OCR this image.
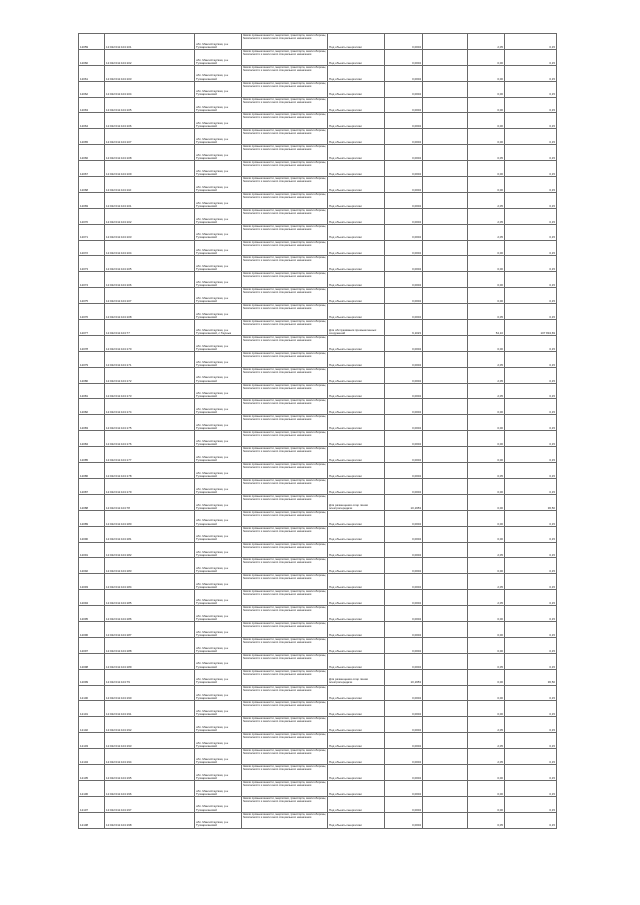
12059	12:022:011:104:101	обл. Мангистауская, р-н Тупкараганский	Земли промышленности, энергетики, транспорта, земли обороны, безопасности и земли иного специального назначения	Под объекты энергетики	0,0004		2,05	0,15
12060	12:022:011:104:102	обл. Мангистауская, р-н Тупкараганский	Земли промышленности, энергетики, транспорта, земли обороны, безопасности и земли иного специального назначения	Под объекты энергетики	0,0004		0,00	0,15
12061	12:022:011:104:103	обл. Мангистауская, р-н Тупкараганский	Земли промышленности, энергетики, транспорта, земли обороны, безопасности и земли иного специального назначения	Под объекты энергетики	0,0004		0,00	0,15
12062	12:022:011:104:104	обл. Мангистауская, р-н Тупкараганский	Земли промышленности, энергетики, транспорта, земли обороны, безопасности и земли иного специального назначения	Под объекты энергетики	0,0004		0,00	0,15
12063	12:022:011:104:105	обл. Мангистауская, р-н Тупкараганский	Земли промышленности, энергетики, транспорта, земли обороны, безопасности и земли иного специального назначения	Под объекты энергетики	0,0004		0,00	0,15
12064	12:022:011:104:106	обл. Мангистауская, р-н Тупкараганский	Земли промышленности, энергетики, транспорта, земли обороны, безопасности и земли иного специального назначения	Под объекты энергетики	0,0004		0,00	0,15
12065	12:022:011:104:107	обл. Мангистауская, р-н Тупкараганский	Земли промышленности, энергетики, транспорта, земли обороны, безопасности и земли иного специального назначения	Под объекты энергетики	0,0004		0,00	0,15
12066	12:022:011:104:108	обл. Мангистауская, р-н Тупкараганский	Земли промышленности, энергетики, транспорта, земли обороны, безопасности и земли иного специального назначения	Под объекты энергетики	0,0004		0,05	0,15
12067	12:022:011:104:109	обл. Мангистауская, р-н Тупкараганский	Земли промышленности, энергетики, транспорта, земли обороны, безопасности и земли иного специального назначения	Под объекты энергетики	0,0004		0,00	0,15
12068	12:022:011:104:110	обл. Мангистауская, р-н Тупкараганский	Земли промышленности, энергетики, транспорта, земли обороны, безопасности и земли иного специального назначения	Под объекты энергетики	0,0004		0,00	0,15
12069	12:022:011:104:101	обл. Мангистауская, р-н Тупкараганский	Земли промышленности, энергетики, транспорта, земли обороны, безопасности и земли иного специального назначения	Под объекты энергетики	0,0004		2,05	0,15
12070	12:022:011:104:102	обл. Мангистауская, р-н Тупкараганский	Земли промышленности, энергетики, транспорта, земли обороны, безопасности и земли иного специального назначения	Под объекты энергетики	0,0004		2,05	0,15
12071	12:022:011:104:103	обл. Мангистауская, р-н Тупкараганский	Земли промышленности, энергетики, транспорта, земли обороны, безопасности и земли иного специального назначения	Под объекты энергетики	0,0004		2,05	0,15
12072	12:022:011:104:104	обл. Мангистауская, р-н Тупкараганский	Земли промышленности, энергетики, транспорта, земли обороны, безопасности и земли иного специального назначения	Под объекты энергетики	0,0004		0,00	0,15
12073	12:022:011:104:105	обл. Мангистауская, р-н Тупкараганский	Земли промышленности, энергетики, транспорта, земли обороны, безопасности и земли иного специального назначения	Под объекты энергетики	0,0004		0,00	0,15
12074	12:022:011:104:106	обл. Мангистауская, р-н Тупкараганский	Земли промышленности, энергетики, транспорта, земли обороны, безопасности и земли иного специального назначения	Под объекты энергетики	0,0004		0,00	0,15
12075	12:022:011:104:107	обл. Мангистауская, р-н Тупкараганский	Земли промышленности, энергетики, транспорта, земли обороны, безопасности и земли иного специального назначения	Под объекты энергетики	0,0004		0,00	0,15
12076	12:022:011:104:108	обл. Мангистауская, р-н Тупкараганский	Земли промышленности, энергетики, транспорта, земли обороны, безопасности и земли иного специального назначения	Под объекты энергетики	0,0004		0,05	0,15
12077	12:022:011:104:77	обл. Мангистауская, р-н Тупкараганский, с.Таушык	Земли промышленности, энергетики, транспорта, земли обороны, безопасности и земли иного специального назначения	Для обслуживания промышленных сооружений	9,1023		54,10	107 834,69
12078	12:022:011:104:170	обл. Мангистауская, р-н Тупкараганский	Земли промышленности, энергетики, транспорта, земли обороны, безопасности и земли иного специального назначения	Под объекты энергетики	0,0004		0,00	0,15
12079	12:022:011:104:171	обл. Мангистауская, р-н Тупкараганский	Земли промышленности, энергетики, транспорта, земли обороны, безопасности и земли иного специального назначения	Под объекты энергетики	0,0004		2,05	0,15
12080	12:022:011:104:172	обл. Мангистауская, р-н Тупкараганский	Земли промышленности, энергетики, транспорта, земли обороны, безопасности и земли иного специального назначения	Под объекты энергетики	0,0004		2,05	0,15
12081	12:022:011:104:173	обл. Мангистауская, р-н Тупкараганский	Земли промышленности, энергетики, транспорта, земли обороны, безопасности и земли иного специального назначения	Под объекты энергетики	0,0004		2,05	0,15
12082	12:022:011:104:174	обл. Мангистауская, р-н Тупкараганский	Земли промышленности, энергетики, транспорта, земли обороны, безопасности и земли иного специального назначения	Под объекты энергетики	0,0004		0,00	0,15
12083	12:022:011:104:175	обл. Мангистауская, р-н Тупкараганский	Земли промышленности, энергетики, транспорта, земли обороны, безопасности и земли иного специального назначения	Под объекты энергетики	0,0004		0,00	0,15
12084	12:022:011:104:176	обл. Мангистауская, р-н Тупкараганский	Земли промышленности, энергетики, транспорта, земли обороны, безопасности и земли иного специального назначения	Под объекты энергетики	0,0004		0,00	0,15
12085	12:022:011:104:177	обл. Мангистауская, р-н Тупкараганский	Земли промышленности, энергетики, транспорта, земли обороны, безопасности и земли иного специального назначения	Под объекты энергетики	0,0004		0,00	0,15
12086	12:022:011:104:178	обл. Мангистауская, р-н Тупкараганский	Земли промышленности, энергетики, транспорта, земли обороны, безопасности и земли иного специального назначения	Под объекты энергетики	0,0004		0,05	0,15
12087	12:022:011:104:179	обл. Мангистауская, р-н Тупкараганский	Земли промышленности, энергетики, транспорта, земли обороны, безопасности и земли иного специального назначения	Под объекты энергетики	0,0004		0,00	0,15
12088	12:022:011:104:78	обл. Мангистауская, р-н Тупкараганский	Земли промышленности, энергетики, транспорта, земли обороны, безопасности и земли иного специального назначения	Для размещения опор линии электропередачи	10,1953		0,00	36,50
12089	12:022:011:104:180	обл. Мангистауская, р-н Тупкараганский	Земли промышленности, энергетики, транспорта, земли обороны, безопасности и земли иного специального назначения	Под объекты энергетики	0,0004		0,00	0,15
12090	12:022:011:104:181	обл. Мангистауская, р-н Тупкараганский	Земли промышленности, энергетики, транспорта, земли обороны, безопасности и земли иного специального назначения	Под объекты энергетики	0,0004		0,00	0,15
12091	12:022:011:104:182	обл. Мангистауская, р-н Тупкараганский	Земли промышленности, энергетики, транспорта, земли обороны, безопасности и земли иного специального назначения	Под объекты энергетики	0,0004		2,05	0,15
12092	12:022:011:104:183	обл. Мангистауская, р-н Тупкараганский	Земли промышленности, энергетики, транспорта, земли обороны, безопасности и земли иного специального назначения	Под объекты энергетики	0,0004		0,00	0,15
12093	12:022:011:104:184	обл. Мангистауская, р-н Тупкараганский	Земли промышленности, энергетики, транспорта, земли обороны, безопасности и земли иного специального назначения	Под объекты энергетики	0,0004		2,05	0,15
12094	12:022:011:104:185	обл. Мангистауская, р-н Тупкараганский	Земли промышленности, энергетики, транспорта, земли обороны, безопасности и земли иного специального назначения	Под объекты энергетики	0,0004		2,05	0,15
12095	12:022:011:104:186	обл. Мангистауская, р-н Тупкараганский	Земли промышленности, энергетики, транспорта, земли обороны, безопасности и земли иного специального назначения	Под объекты энергетики	0,0004		0,00	0,15
12096	12:022:011:104:187	обл. Мангистауская, р-н Тупкараганский	Земли промышленности, энергетики, транспорта, земли обороны, безопасности и земли иного специального назначения	Под объекты энергетики	0,0004		0,00	0,15
12097	12:022:011:104:188	обл. Мангистауская, р-н Тупкараганский	Земли промышленности, энергетики, транспорта, земли обороны, безопасности и земли иного специального назначения	Под объекты энергетики	0,0004		0,00	0,15
12098	12:022:011:104:189	обл. Мангистауская, р-н Тупкараганский	Земли промышленности, энергетики, транспорта, земли обороны, безопасности и земли иного специального назначения	Под объекты энергетики	0,0004		0,05	0,15
12099	12:022:011:104:79	обл. Мангистауская, р-н Тупкараганский	Земли промышленности, энергетики, транспорта, земли обороны, безопасности и земли иного специального назначения	Для размещения опор линии электропередачи	10,1953		0,00	36,50
12100	12:022:011:104:190	обл. Мангистауская, р-н Тупкараганский	Земли промышленности, энергетики, транспорта, земли обороны, безопасности и земли иного специального назначения	Под объекты энергетики	0,0004		0,00	0,15
12101	12:022:011:104:191	обл. Мангистауская, р-н Тупкараганский	Земли промышленности, энергетики, транспорта, земли обороны, безопасности и земли иного специального назначения	Под объекты энергетики	0,0004		0,00	0,15
12102	12:022:011:104:192	обл. Мангистауская, р-н Тупкараганский	Земли промышленности, энергетики, транспорта, земли обороны, безопасности и земли иного специального назначения	Под объекты энергетики	0,0004		2,05	0,15
12103	12:022:011:104:193	обл. Мангистауская, р-н Тупкараганский	Земли промышленности, энергетики, транспорта, земли обороны, безопасности и земли иного специального назначения	Под объекты энергетики	0,0004		2,05	0,15
12104	12:022:011:104:194	обл. Мангистауская, р-н Тупкараганский	Земли промышленности, энергетики, транспорта, земли обороны, безопасности и земли иного специального назначения	Под объекты энергетики	0,0004		2,05	0,15
12105	12:022:011:104:195	обл. Мангистауская, р-н Тупкараганский	Земли промышленности, энергетики, транспорта, земли обороны, безопасности и земли иного специального назначения	Под объекты энергетики	0,0004		0,00	0,15
12106	12:022:011:104:196	обл. Мангистауская, р-н Тупкараганский	Земли промышленности, энергетики, транспорта, земли обороны, безопасности и земли иного специального назначения	Под объекты энергетики	0,0004		0,00	0,15
12107	12:022:011:104:197	обл. Мангистауская, р-н Тупкараганский	Земли промышленности, энергетики, транспорта, земли обороны, безопасности и земли иного специального назначения	Под объекты энергетики	0,0004		0,00	0,15
12108	12:022:011:104:198	обл. Мангистауская, р-н Тупкараганский	Земли промышленности, энергетики, транспорта, земли обороны, безопасности и земли иного специального назначения	Под объекты энергетики	0,0004		0,05	0,15
